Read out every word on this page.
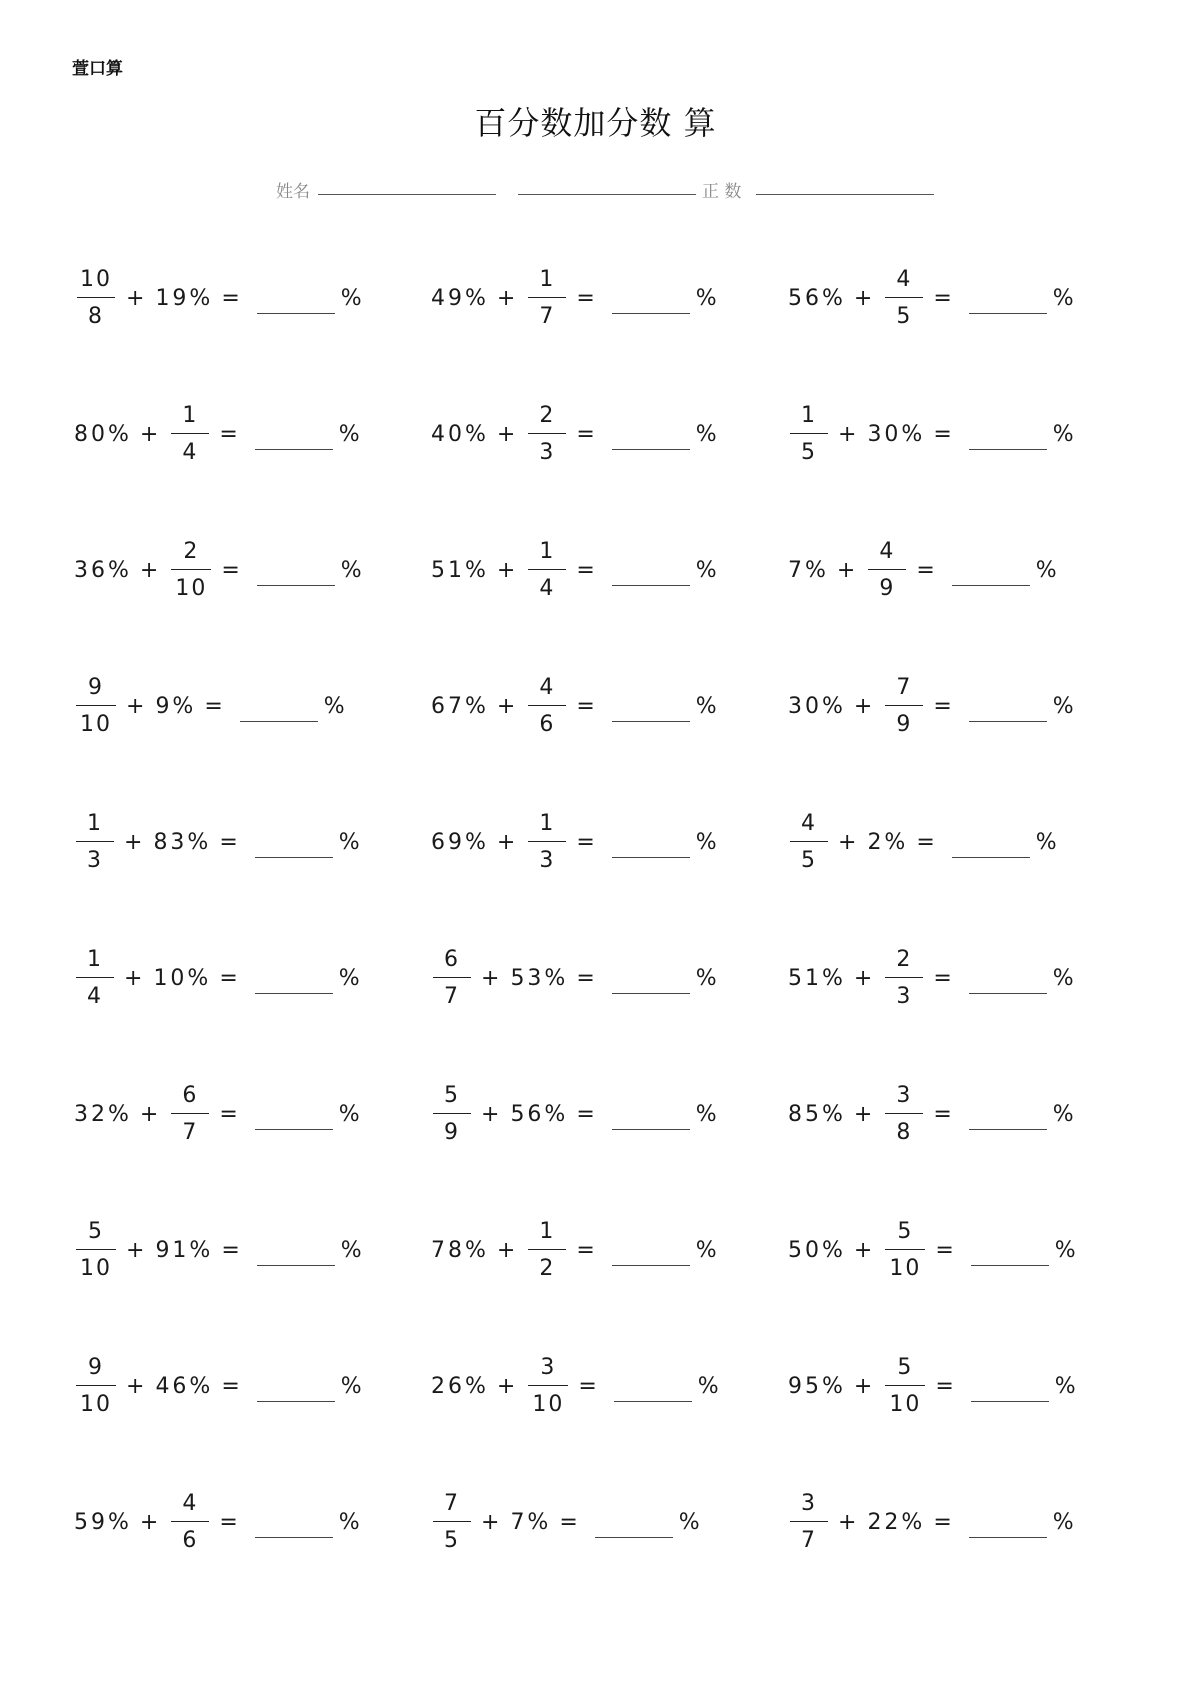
萱口算
百分数加分数 算
姓名	正 数
$\frac{10}{8} + 19\%$ =	%	$49\% + \frac{1}{7}$ =	%	$56\% + \frac{4}{5}$ =	%
$80\% + \frac{1}{4}$ =	%	$40\% + \frac{2}{3}$ =	%	$\frac{1}{5} + 30\%$ =	%
$36\% + \frac{2}{10}$ =	%	$51\% + \frac{1}{4}$ =	%	$7\% + \frac{4}{9}$ =	%
$\frac{9}{10} + 9\%$ =	%	$67\% + \frac{4}{6}$ =	%	$30\% + \frac{7}{9}$ =	%
$\frac{1}{3} + 83\%$ =	%	$69\% + \frac{1}{3}$ =	%	$\frac{4}{5} + 2\%$ =	%
$\frac{1}{4} + 10\%$ =	%	$\frac{6}{7} + 53\%$ =	%	$51\% + \frac{2}{3}$ =	%
$32\% + \frac{6}{7}$ =	%	$\frac{5}{9} + 56\%$ =	%	$85\% + \frac{3}{8}$ =	%
$\frac{5}{10} + 91\%$ =	%	$78\% + \frac{1}{2}$ =	%	$50\% + \frac{5}{10}$ =	%
$\frac{9}{10} + 46\%$ =	%	$26\% + \frac{3}{10}$ =	%	$95\% + \frac{5}{10}$ =	%
$59\% + \frac{4}{6}$ =	%	$\frac{7}{5} + 7\%$ =	%	$\frac{3}{7} + 22\%$ =	%
